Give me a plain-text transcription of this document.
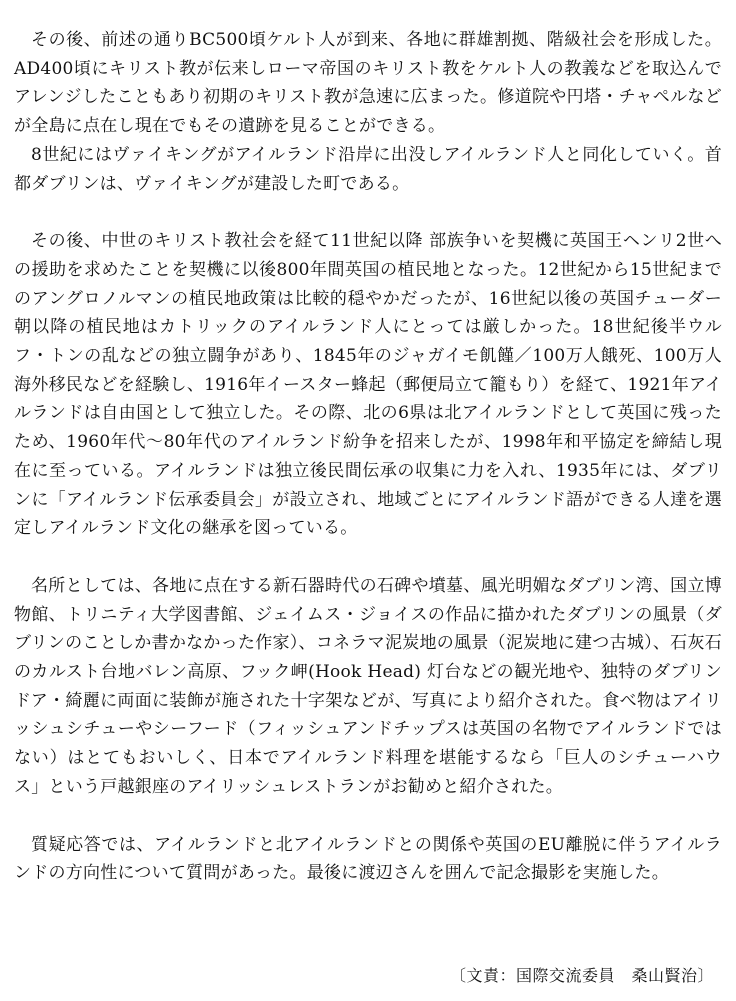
その後、前述の通りBC500頃ケルト人が到来、各地に群雄割拠、階級社会を形成した。AD400頃にキリスト教が伝来しローマ帝国のキリスト教をケルト人の教義などを取込んでアレンジしたこともあり初期のキリスト教が急速に広まった。修道院や円塔・チャペルなどが全島に点在し現在でもその遺跡を見ることができる。

8世紀にはヴァイキングがアイルランド沿岸に出没しアイルランド人と同化していく。首都ダブリンは、ヴァイキングが建設した町である。

その後、中世のキリスト教社会を経て11世紀以降 部族争いを契機に英国王ヘンリ2世への援助を求めたことを契機に以後800年間英国の植民地となった。12世紀から15世紀までのアングロノルマンの植民地政策は比較的穏やかだったが、16世紀以後の英国チューダー朝以降の植民地はカトリックのアイルランド人にとっては厳しかった。18世紀後半ウルフ・トンの乱などの独立闘争があり、1845年のジャガイモ飢饉／100万人餓死、100万人海外移民などを経験し、1916年イースター蜂起（郵便局立て籠もり）を経て、1921年アイルランドは自由国として独立した。その際、北の6県は北アイルランドとして英国に残ったため、1960年代〜80年代のアイルランド紛争を招来したが、1998年和平協定を締結し現在に至っている。アイルランドは独立後民間伝承の収集に力を入れ、1935年には、ダブリンに「アイルランド伝承委員会」が設立され、地域ごとにアイルランド語ができる人達を選定しアイルランド文化の継承を図っている。

名所としては、各地に点在する新石器時代の石碑や墳墓、風光明媚なダブリン湾、国立博物館、トリニティ大学図書館、ジェイムス・ジョイスの作品に描かれたダブリンの風景（ダブリンのことしか書かなかった作家）、コネラマ泥炭地の風景（泥炭地に建つ古城）、石灰石のカルスト台地バレン高原、フック岬(Hook Head) 灯台などの観光地や、独特のダブリンドア・綺麗に両面に装飾が施された十字架などが、写真により紹介された。食べ物はアイリッシュシチューやシーフード（フィッシュアンドチップスは英国の名物でアイルランドではない）はとてもおいしく、日本でアイルランド料理を堪能するなら「巨人のシチューハウス」という戸越銀座のアイリッシュレストランがお勧めと紹介された。

質疑応答では、アイルランドと北アイルランドとの関係や英国のEU離脱に伴うアイルランドの方向性について質問があった。最後に渡辺さんを囲んで記念撮影を実施した。

〔文責：国際交流委員　桑山賢治〕
